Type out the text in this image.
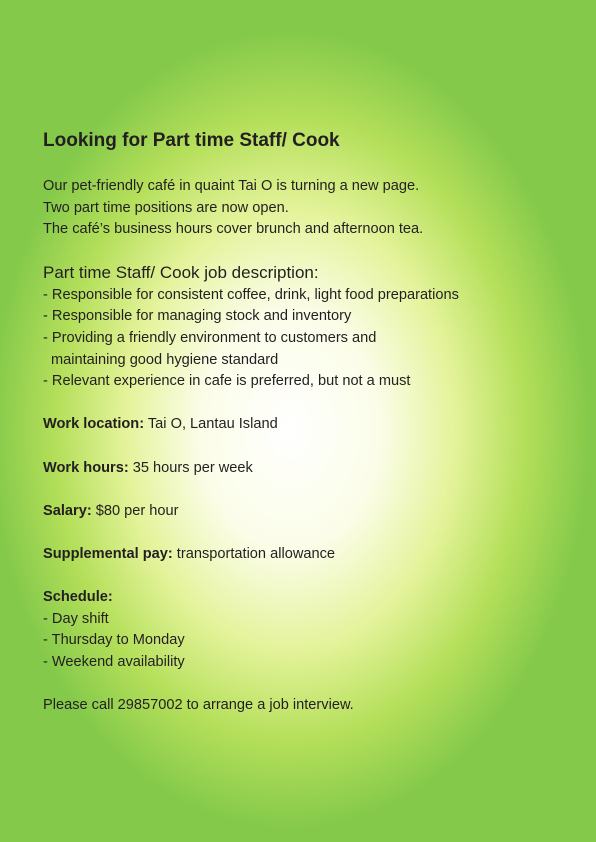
Looking for Part time Staff/ Cook
Our pet-friendly café in quaint Tai O is turning a new page.
Two part time positions are now open.
The café’s business hours cover brunch and afternoon tea.
Part time Staff/ Cook job description:
- Responsible for consistent coffee, drink, light food preparations
- Responsible for managing stock and inventory
- Providing a friendly environment to customers and
maintaining good hygiene standard
- Relevant experience in cafe is preferred, but not a must
Work location: Tai O, Lantau Island
Work hours: 35 hours per week
Salary: $80 per hour
Supplemental pay: transportation allowance
Schedule:
- Day shift
- Thursday to Monday
- Weekend availability
Please call 29857002 to arrange a job interview.
